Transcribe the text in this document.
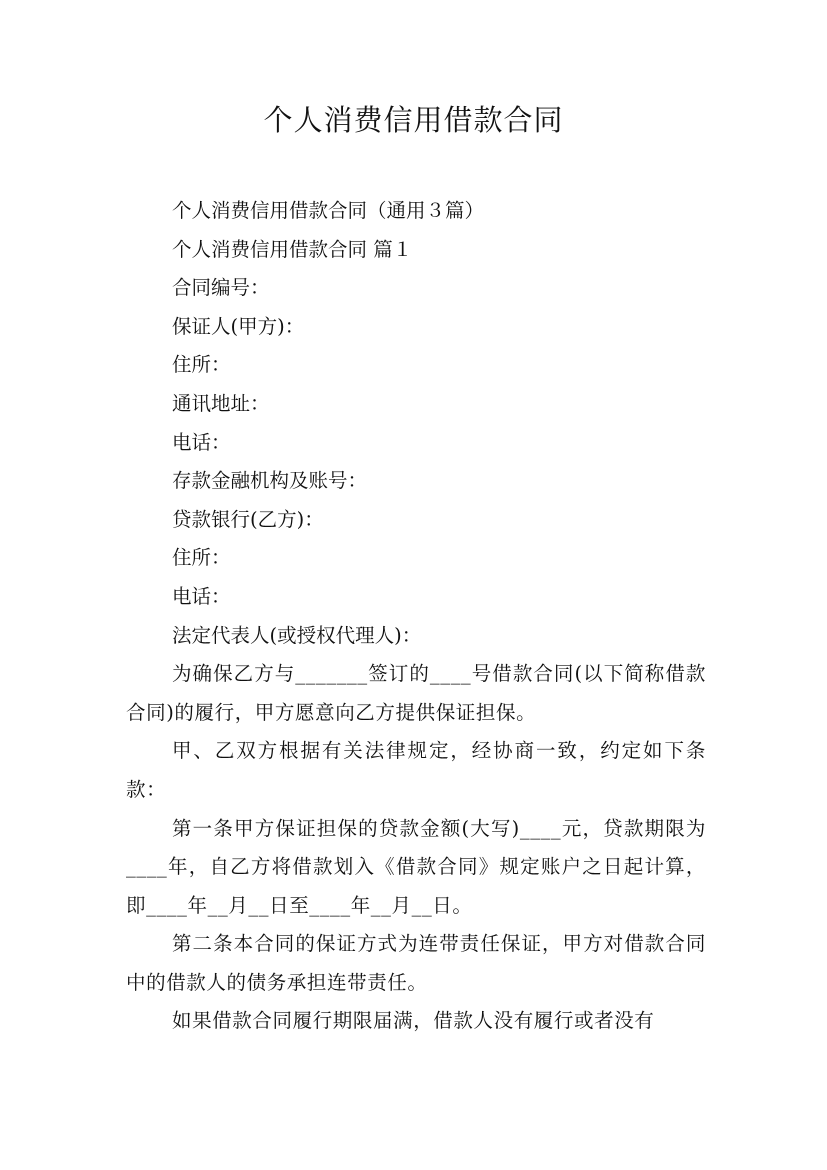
个人消费信用借款合同

个人消费信用借款合同（通用３篇）

个人消费信用借款合同 篇１

合同编号：

保证人(甲方)：

住所：

通讯地址：

电话：

存款金融机构及账号：

贷款银行(乙方)：

住所：

电话：

法定代表人(或授权代理人)：

为确保乙方与_______签订的____号借款合同(以下简称借款合同)的履行，甲方愿意向乙方提供保证担保。

甲、乙双方根据有关法律规定，经协商一致，约定如下条款：

第一条甲方保证担保的贷款金额(大写)____元，贷款期限为____年，自乙方将借款划入《借款合同》规定账户之日起计算，即____年__月__日至____年__月__日。

第二条本合同的保证方式为连带责任保证，甲方对借款合同中的借款人的债务承担连带责任。

如果借款合同履行期限届满，借款人没有履行或者没有
